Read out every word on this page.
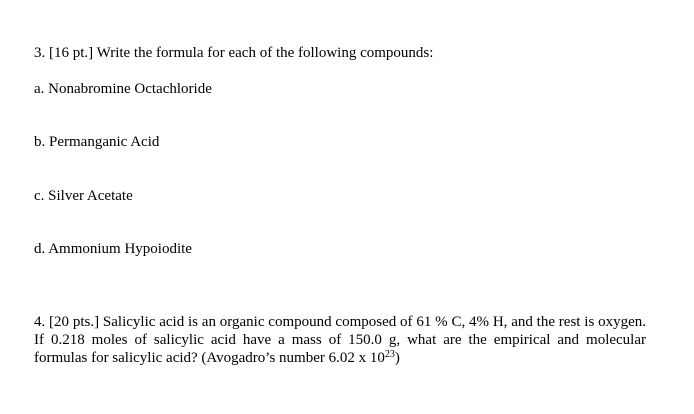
3. [16 pt.] Write the formula for each of the following compounds:
a. Nonabromine Octachloride
b. Permanganic Acid
c. Silver Acetate
d. Ammonium Hypoiodite
4. [20 pts.] Salicylic acid is an organic compound composed of 61 % C, 4% H, and the rest is oxygen. If 0.218 moles of salicylic acid have a mass of 150.0 g, what are the empirical and molecular formulas for salicylic acid? (Avogadro’s number 6.02 x $10^{23}$)
